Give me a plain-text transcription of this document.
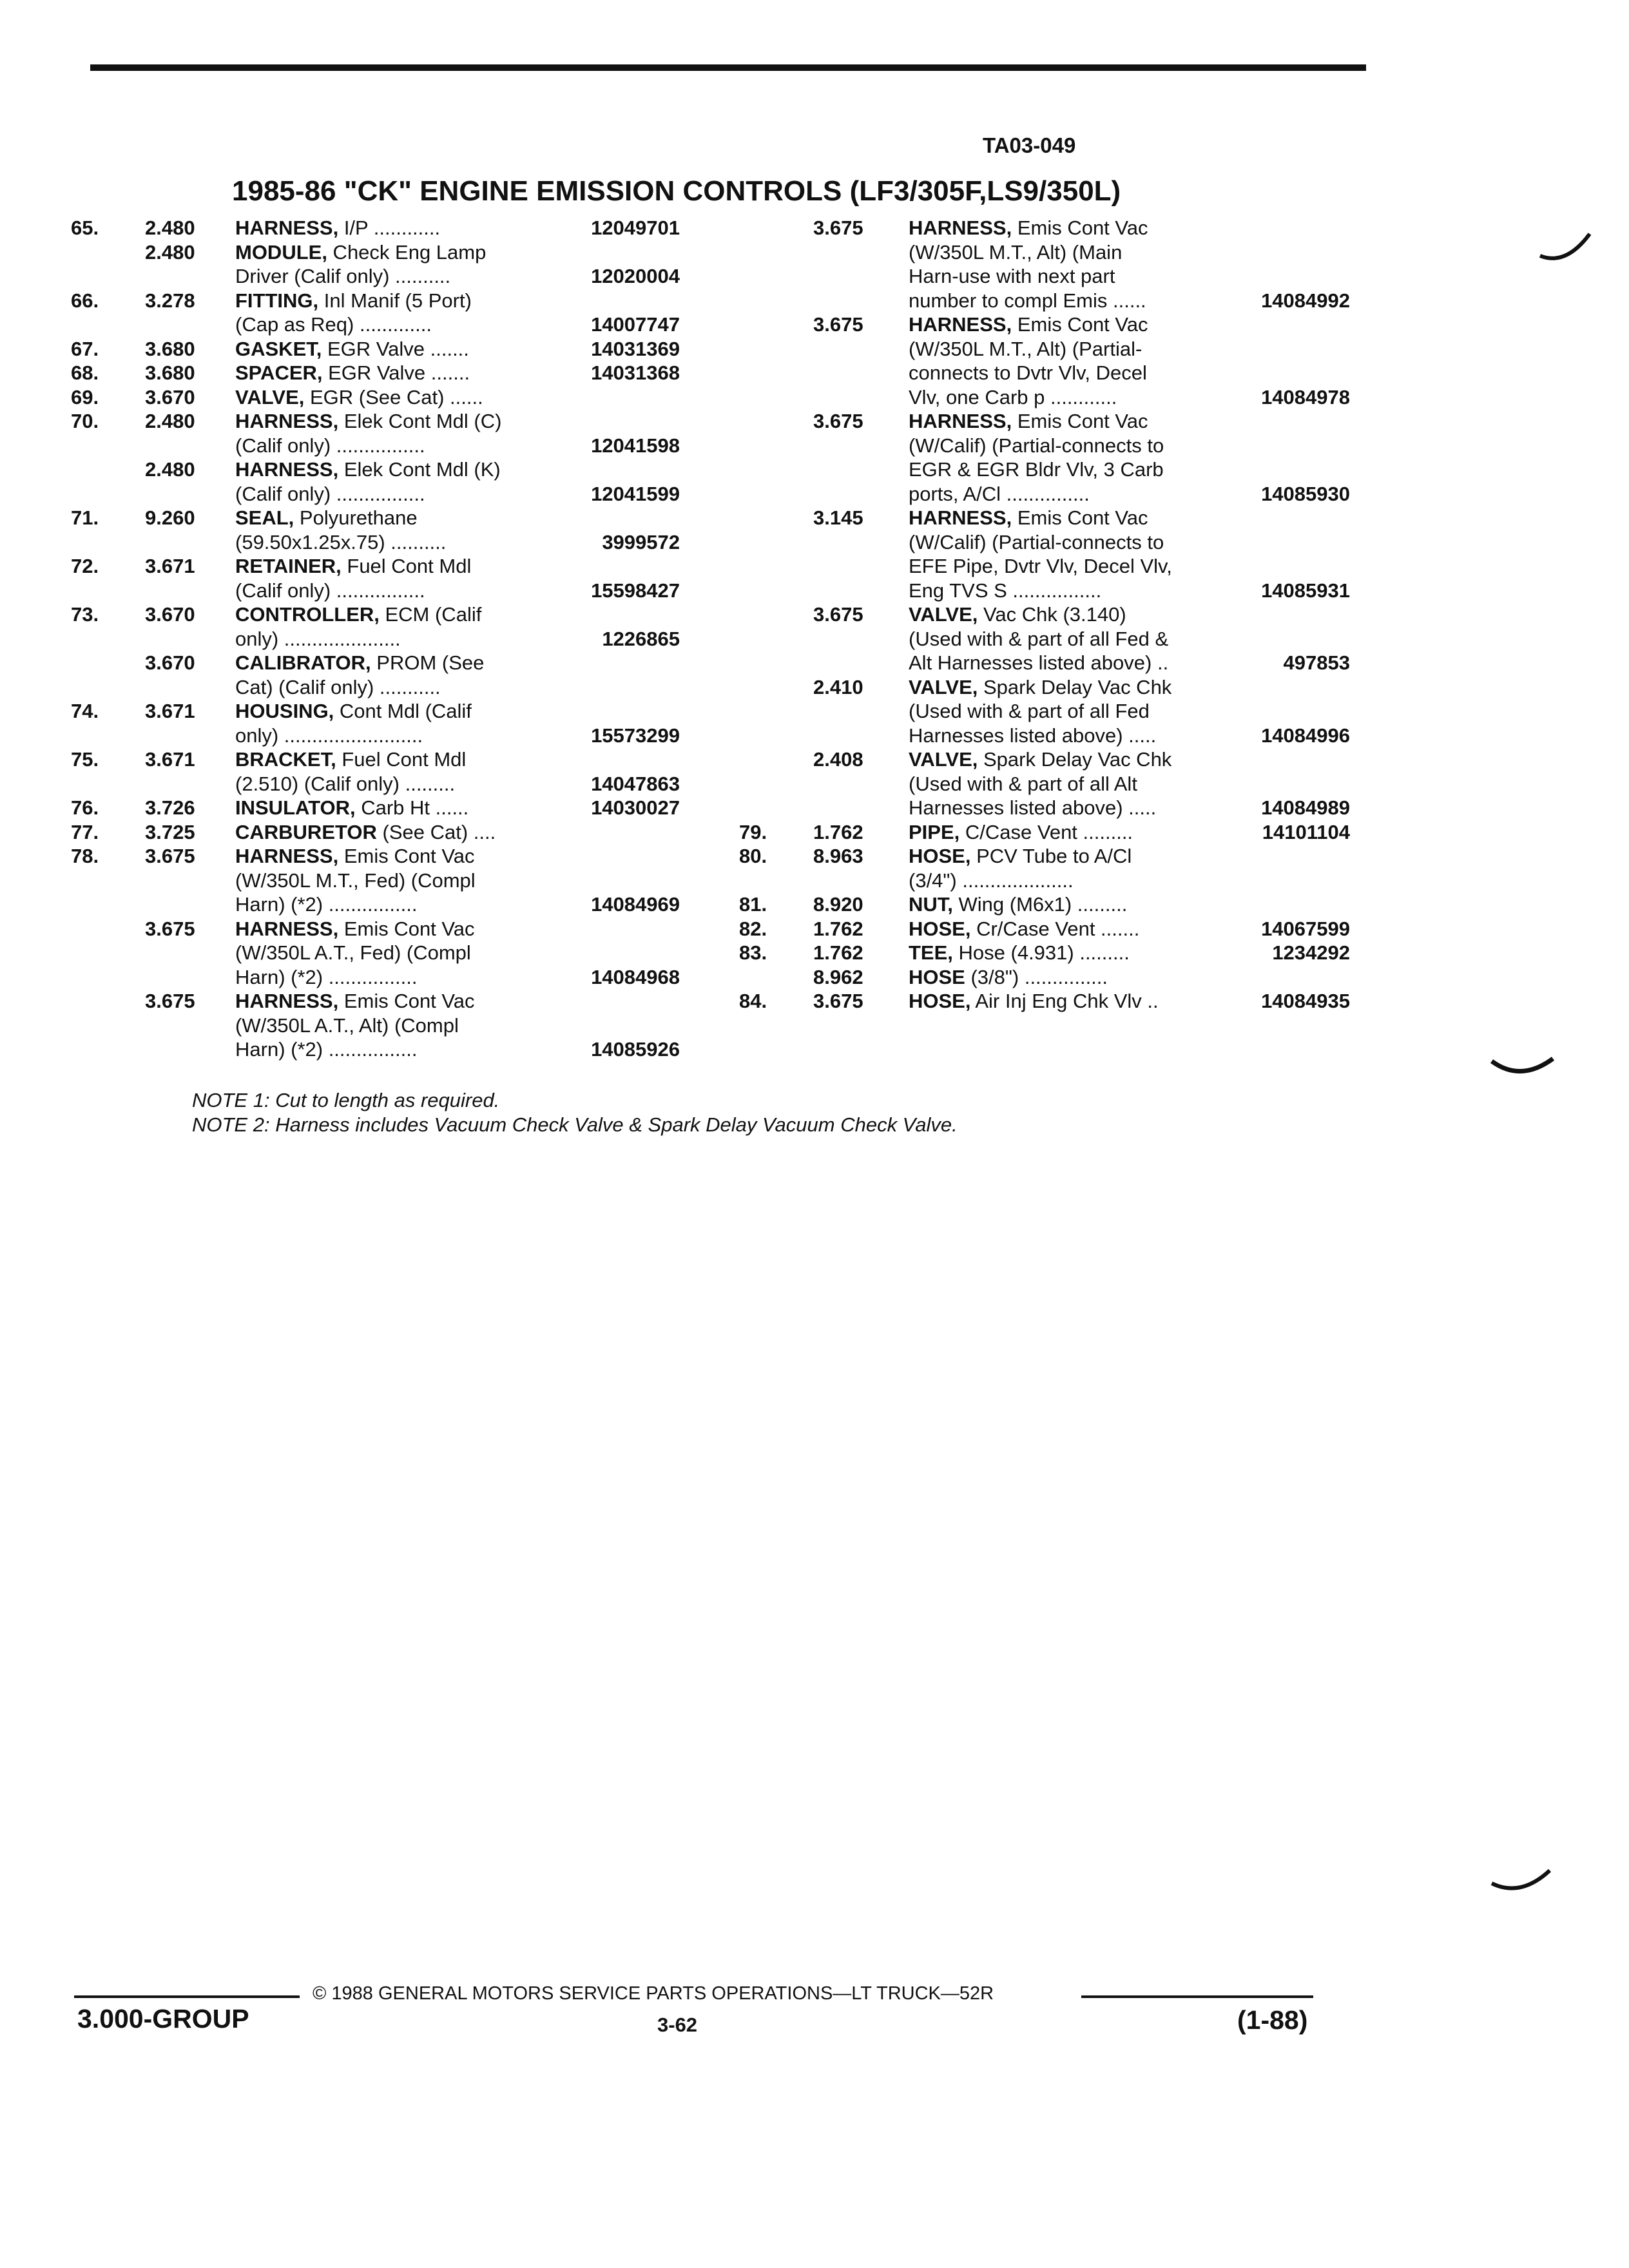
TA03-049
1985-86 "CK" ENGINE EMISSION CONTROLS (LF3/305F,LS9/350L)
65. 2.480 HARNESS, I/P ............	12049701
2.480 MODULE, Check Eng Lamp
Driver (Calif only) ..........	12020004
66. 3.278 FITTING, Inl Manif (5 Port)
(Cap as Req) .............	14007747
67. 3.680 GASKET, EGR Valve .......	14031369
68. 3.680 SPACER, EGR Valve .......	14031368
69. 3.670 VALVE, EGR (See Cat) ......
70. 2.480 HARNESS, Elek Cont Mdl (C)
(Calif only) ................	12041598
2.480 HARNESS, Elek Cont Mdl (K)
(Calif only) ................	12041599
71. 9.260 SEAL, Polyurethane
(59.50x1.25x.75) ..........	3999572
72. 3.671 RETAINER, Fuel Cont Mdl
(Calif only) ................	15598427
73. 3.670 CONTROLLER, ECM (Calif
only) .....................	1226865
3.670 CALIBRATOR, PROM (See
Cat) (Calif only) ...........
74. 3.671 HOUSING, Cont Mdl (Calif
only) .........................	15573299
75. 3.671 BRACKET, Fuel Cont Mdl
(2.510) (Calif only) .........	14047863
76. 3.726 INSULATOR, Carb Ht ......	14030027
77. 3.725 CARBURETOR (See Cat) ....
78. 3.675 HARNESS, Emis Cont Vac
(W/350L M.T., Fed) (Compl
Harn) (*2) ................	14084969
3.675 HARNESS, Emis Cont Vac
(W/350L A.T., Fed) (Compl
Harn) (*2) ................	14084968
3.675 HARNESS, Emis Cont Vac
(W/350L A.T., Alt) (Compl
Harn) (*2) ................	14085926
3.675 HARNESS, Emis Cont Vac
(W/350L M.T., Alt) (Main
Harn-use with next part
number to compl Emis ......	14084992
3.675 HARNESS, Emis Cont Vac
(W/350L M.T., Alt) (Partial-
connects to Dvtr Vlv, Decel
Vlv, one Carb p ............	14084978
3.675 HARNESS, Emis Cont Vac
(W/Calif) (Partial-connects to
EGR & EGR Bldr Vlv, 3 Carb
ports, A/Cl ...............	14085930
3.145 HARNESS, Emis Cont Vac
(W/Calif) (Partial-connects to
EFE Pipe, Dvtr Vlv, Decel Vlv,
Eng TVS S ................	14085931
3.675 VALVE, Vac Chk (3.140)
(Used with & part of all Fed &
Alt Harnesses listed above) ..	497853
2.410 VALVE, Spark Delay Vac Chk
(Used with & part of all Fed
Harnesses listed above) .....	14084996
2.408 VALVE, Spark Delay Vac Chk
(Used with & part of all Alt
Harnesses listed above) .....	14084989
79. 1.762 PIPE, C/Case Vent .........	14101104
80. 8.963 HOSE, PCV Tube to A/Cl
(3/4") ....................
81. 8.920 NUT, Wing (M6x1) .........
82. 1.762 HOSE, Cr/Case Vent .......	14067599
83. 1.762 TEE, Hose (4.931) .........	1234292
8.962 HOSE (3/8") ...............
84. 3.675 HOSE, Air Inj Eng Chk Vlv ..	14084935
NOTE 1: Cut to length as required.
NOTE 2: Harness includes Vacuum Check Valve & Spark Delay Vacuum Check Valve.
© 1988 GENERAL MOTORS SERVICE PARTS OPERATIONS—LT TRUCK—52R
3.000-GROUP	3-62	(1-88)
